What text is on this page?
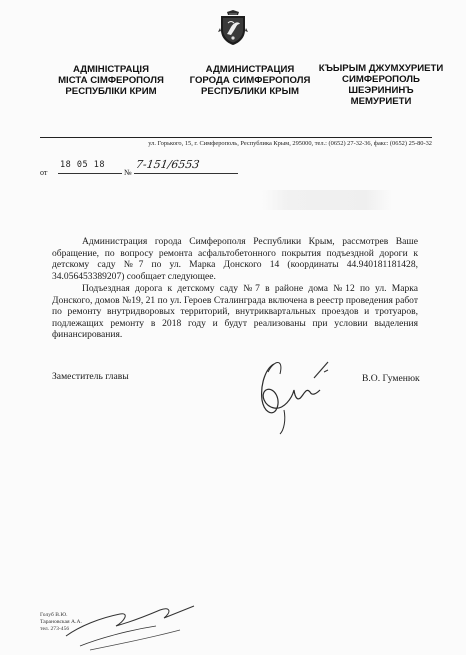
АДМІНІСТРАЦІЯ
МІСТА СІМФЕРОПОЛЯ
РЕСПУБЛІКИ КРИМ
АДМИНИСТРАЦИЯ
ГОРОДА СИМФЕРОПОЛЯ
РЕСПУБЛИКИ КРЫМ
КЪЫРЫМ ДЖУМХУРИЕТИ
СИМФЕРОПОЛЬ
ШЕЭРИНИНЪ
МЕМУРИЕТИ
ул. Горького, 15, г. Симферополь, Республика Крым, 295000, тел.: (0652) 27-32-36, факс: (0652) 25-80-32
от
18 05 18
№
7-151/6553

Администрация города Симферополя Республики Крым, рассмотрев Ваше обращение, по вопросу ремонта асфальтобетонного покрытия подъездной дороги к детскому саду №7 по ул. Марка Донского 14 (координаты 44.940181181428, 34.056453389207) сообщает следующее.

Подъездная дорога к детскому саду №7 в районе дома №12 по ул. Марка Донского, домов №19, 21 по ул. Героев Сталинграда включена в реестр проведения работ по ремонту внутридворовых территорий, внутриквартальных проездов и тротуаров, подлежащих ремонту в 2018 году и будут реализованы при условии выделения финансирования.

Заместитель главы	В.О. Гуменюк
Голуб В.Ю.
Тарановская А.А.
тел. 273-456
